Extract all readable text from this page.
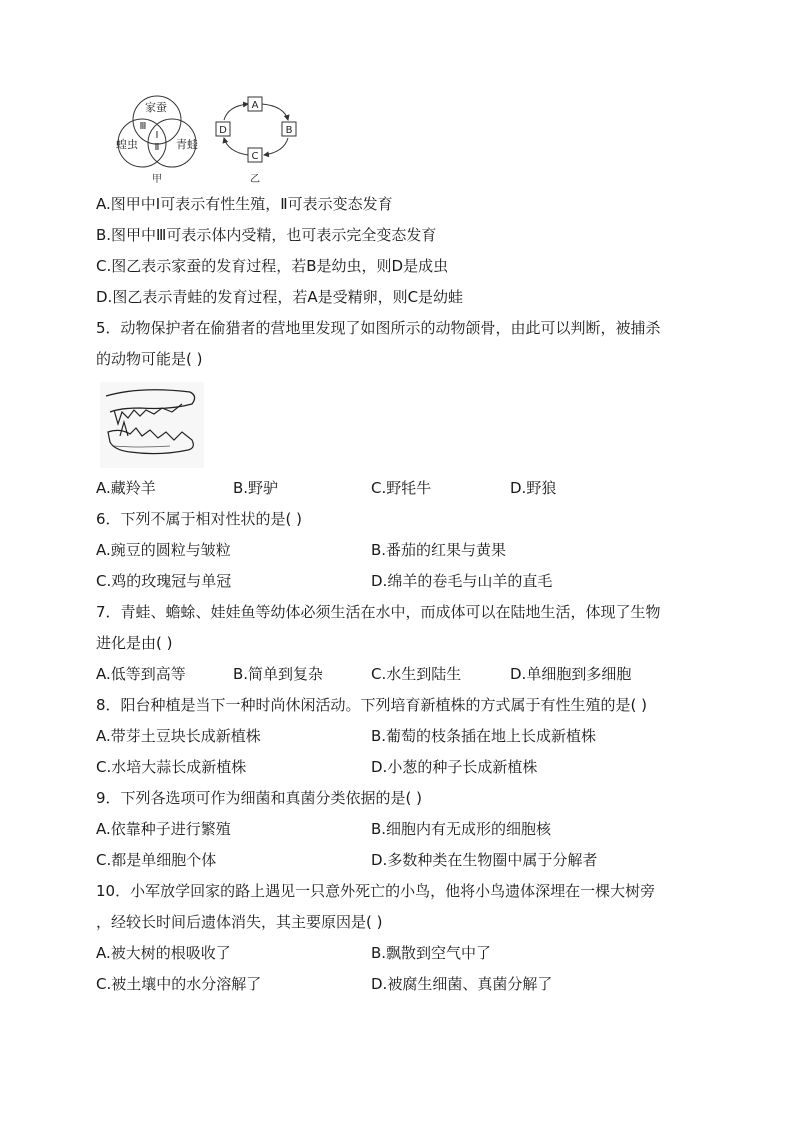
家蚕
蝗虫	青蛙
Ⅲ
Ⅰ
Ⅱ
甲
A
B
C
D
乙
A.图甲中Ⅰ可表示有性生殖，Ⅱ可表示变态发育
B.图甲中Ⅲ可表示体内受精，也可表示完全变态发育
C.图乙表示家蚕的发育过程，若B是幼虫，则D是成虫
D.图乙表示青蛙的发育过程，若A是受精卵，则C是幼蛙
5．动物保护者在偷猎者的营地里发现了如图所示的动物颌骨，由此可以判断，被捕杀
的动物可能是( )
A.藏羚羊	B.野驴	C.野牦牛	D.野狼
6．下列不属于相对性状的是( )
A.豌豆的圆粒与皱粒	B.番茄的红果与黄果
C.鸡的玫瑰冠与单冠	D.绵羊的卷毛与山羊的直毛
7．青蛙、蟾蜍、娃娃鱼等幼体必须生活在水中，而成体可以在陆地生活，体现了生物
进化是由( )
A.低等到高等	B.简单到复杂	C.水生到陆生	D.单细胞到多细胞
8．阳台种植是当下一种时尚休闲活动。下列培育新植株的方式属于有性生殖的是( )
A.带芽土豆块长成新植株	B.葡萄的枝条插在地上长成新植株
C.水培大蒜长成新植株	D.小葱的种子长成新植株
9．下列各选项可作为细菌和真菌分类依据的是( )
A.依靠种子进行繁殖	B.细胞内有无成形的细胞核
C.都是单细胞个体	D.多数种类在生物圈中属于分解者
10．小军放学回家的路上遇见一只意外死亡的小鸟，他将小鸟遗体深埋在一棵大树旁
，经较长时间后遗体消失，其主要原因是( )
A.被大树的根吸收了	B.飘散到空气中了
C.被土壤中的水分溶解了	D.被腐生细菌、真菌分解了
